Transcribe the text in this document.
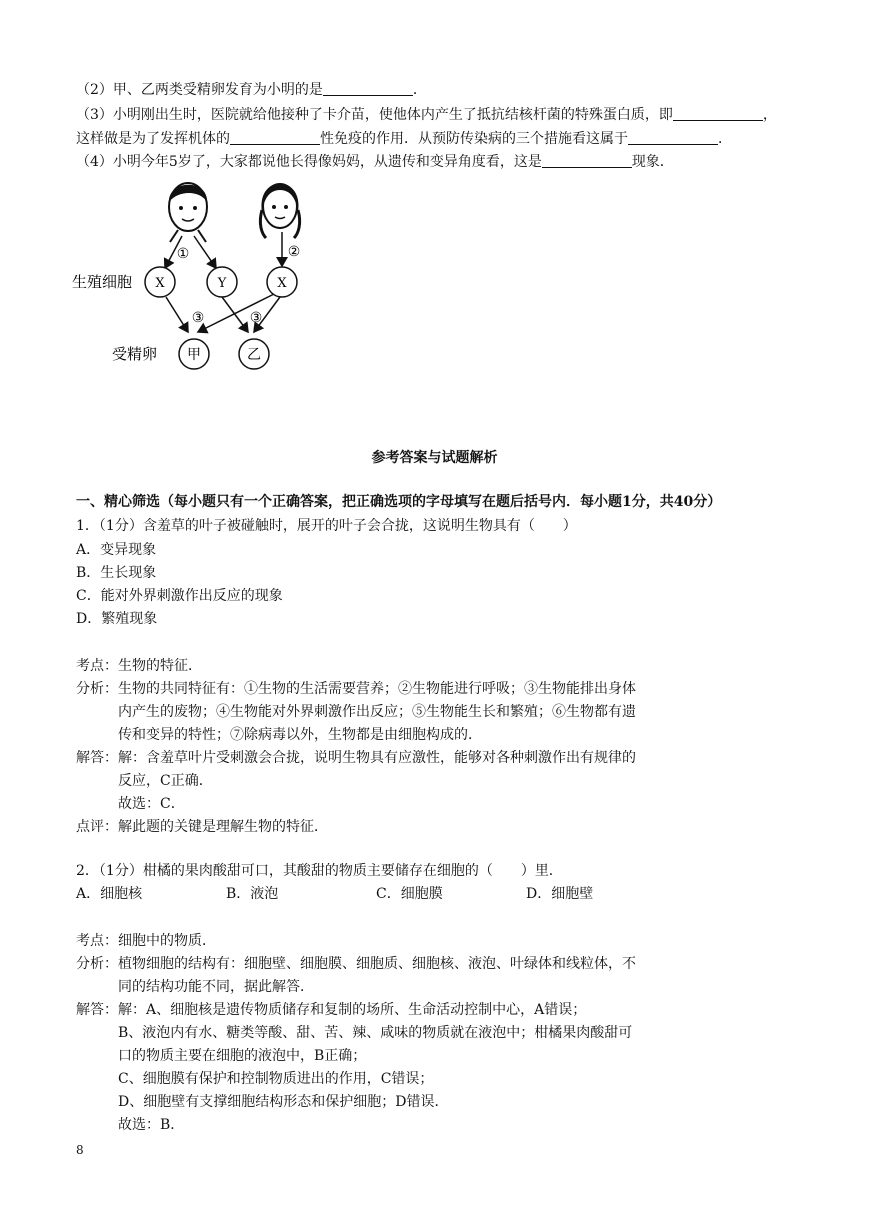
（2）甲、乙两类受精卵发育为小明的是	．
（3）小明刚出生时，医院就给他接种了卡介苗，使他体内产生了抵抗结核杆菌的特殊蛋白质，即	，
这样做是为了发挥机体的	性免疫的作用．从预防传染病的三个措施看这属于	．
（4）小明今年5岁了，大家都说他长得像妈妈，从遗传和变异角度看，这是	现象．
①	②
X	Y	X
③	③
甲	乙
生殖细胞
受精卵
参考答案与试题解析
一、精心筛选（每小题只有一个正确答案，把正确选项的字母填写在题后括号内．每小题1分，共40分）
1．（1分）含羞草的叶子被碰触时，展开的叶子会合拢，这说明生物具有（　　）
A．变异现象
B．生长现象
C．能对外界刺激作出反应的现象
D．繁殖现象
考点：生物的特征．
分析：生物的共同特征有：①生物的生活需要营养；②生物能进行呼吸；③生物能排出身体
内产生的废物；④生物能对外界刺激作出反应；⑤生物能生长和繁殖；⑥生物都有遗
传和变异的特性；⑦除病毒以外，生物都是由细胞构成的．
解答：解：含羞草叶片受刺激会合拢，说明生物具有应激性，能够对各种刺激作出有规律的
反应，C正确．
故选：C．
点评：解此题的关键是理解生物的特征．
2．（1分）柑橘的果肉酸甜可口，其酸甜的物质主要储存在细胞的（　　）里．
A．细胞核	B．液泡	C．细胞膜	D．细胞壁
考点：细胞中的物质．
分析：植物细胞的结构有：细胞壁、细胞膜、细胞质、细胞核、液泡、叶绿体和线粒体，不
同的结构功能不同，据此解答．
解答：解：A、细胞核是遗传物质储存和复制的场所、生命活动控制中心，A错误；
B、液泡内有水、糖类等酸、甜、苦、辣、咸味的物质就在液泡中；柑橘果肉酸甜可
口的物质主要在细胞的液泡中，B正确；
C、细胞膜有保护和控制物质进出的作用，C错误；
D、细胞壁有支撑细胞结构形态和保护细胞；D错误．
故选：B．
8
